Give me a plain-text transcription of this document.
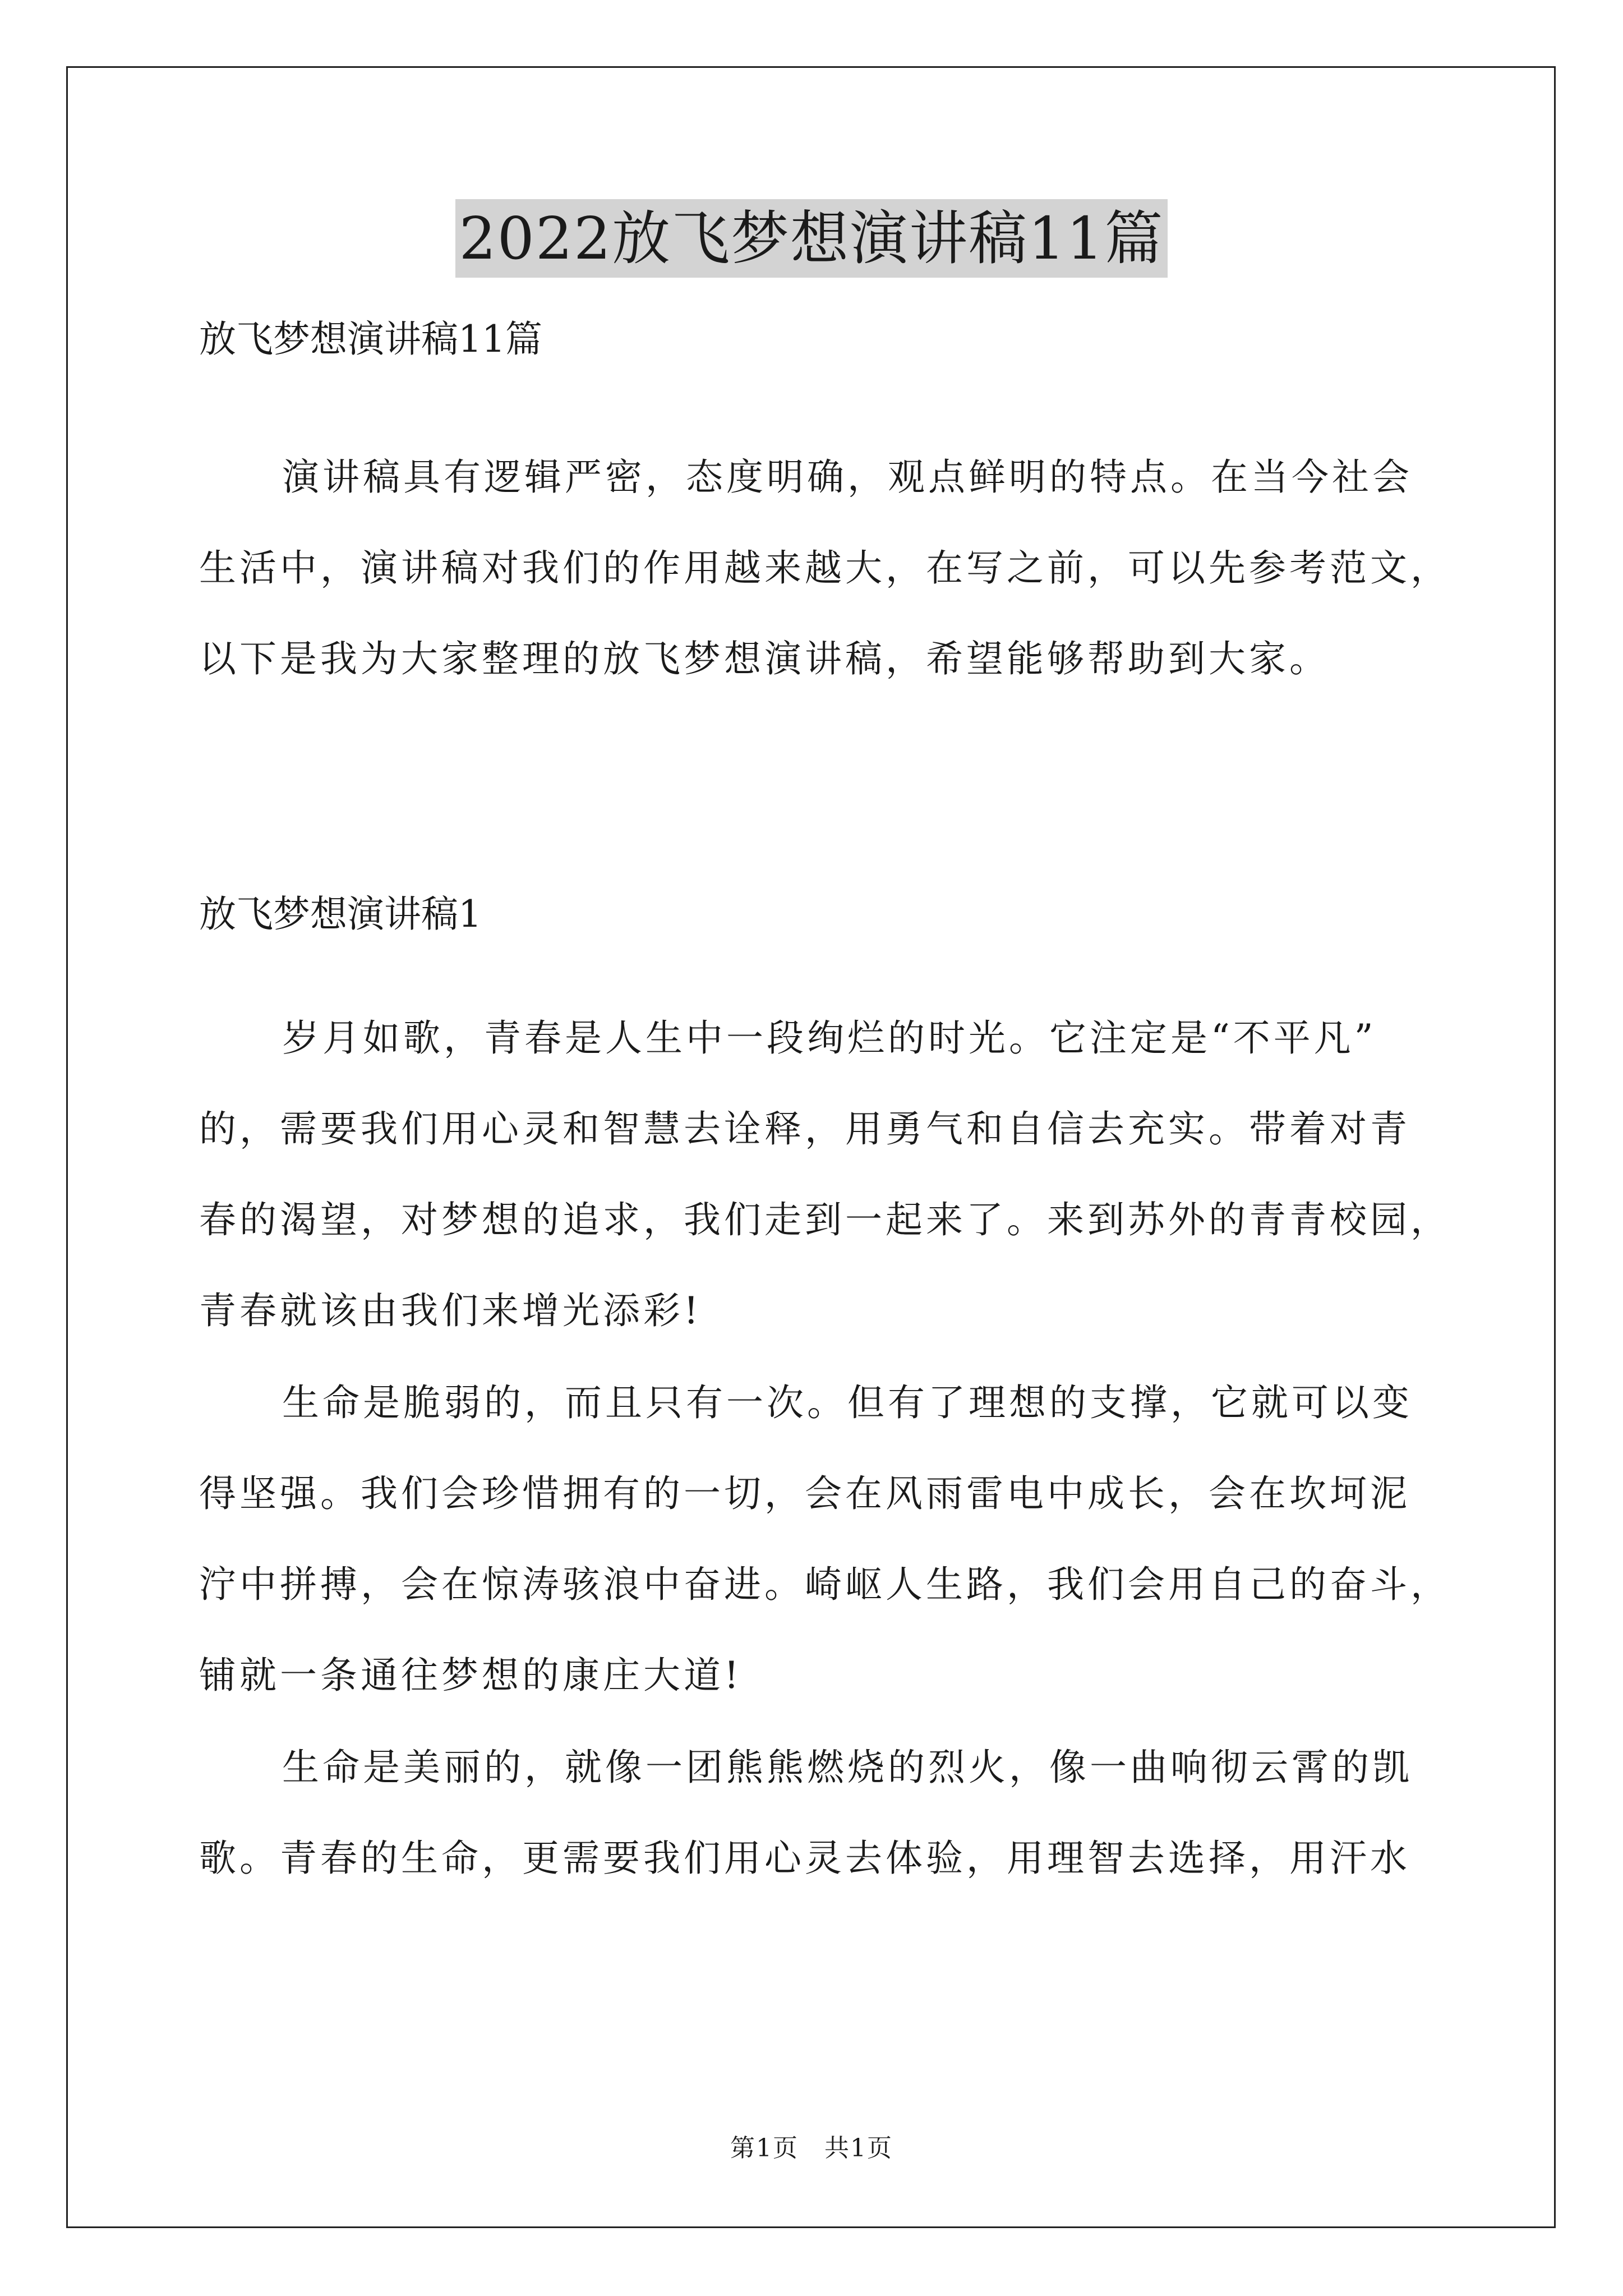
2022放飞梦想演讲稿11篇
放飞梦想演讲稿11篇
演讲稿具有逻辑严密，态度明确，观点鲜明的特点。在当今社会
生活中，演讲稿对我们的作用越来越大，在写之前，可以先参考范文，
以下是我为大家整理的放飞梦想演讲稿，希望能够帮助到大家。
放飞梦想演讲稿1
岁月如歌，青春是人生中一段绚烂的时光。它注定是“不平凡”
的，需要我们用心灵和智慧去诠释，用勇气和自信去充实。带着对青
春的渴望，对梦想的追求，我们走到一起来了。来到苏外的青青校园，
青春就该由我们来增光添彩!
生命是脆弱的，而且只有一次。但有了理想的支撑，它就可以变
得坚强。我们会珍惜拥有的一切，会在风雨雷电中成长，会在坎坷泥
泞中拼搏，会在惊涛骇浪中奋进。崎岖人生路，我们会用自己的奋斗，
铺就一条通往梦想的康庄大道!
生命是美丽的，就像一团熊熊燃烧的烈火，像一曲响彻云霄的凯
歌。青春的生命，更需要我们用心灵去体验，用理智去选择，用汗水
第1页　共1页
